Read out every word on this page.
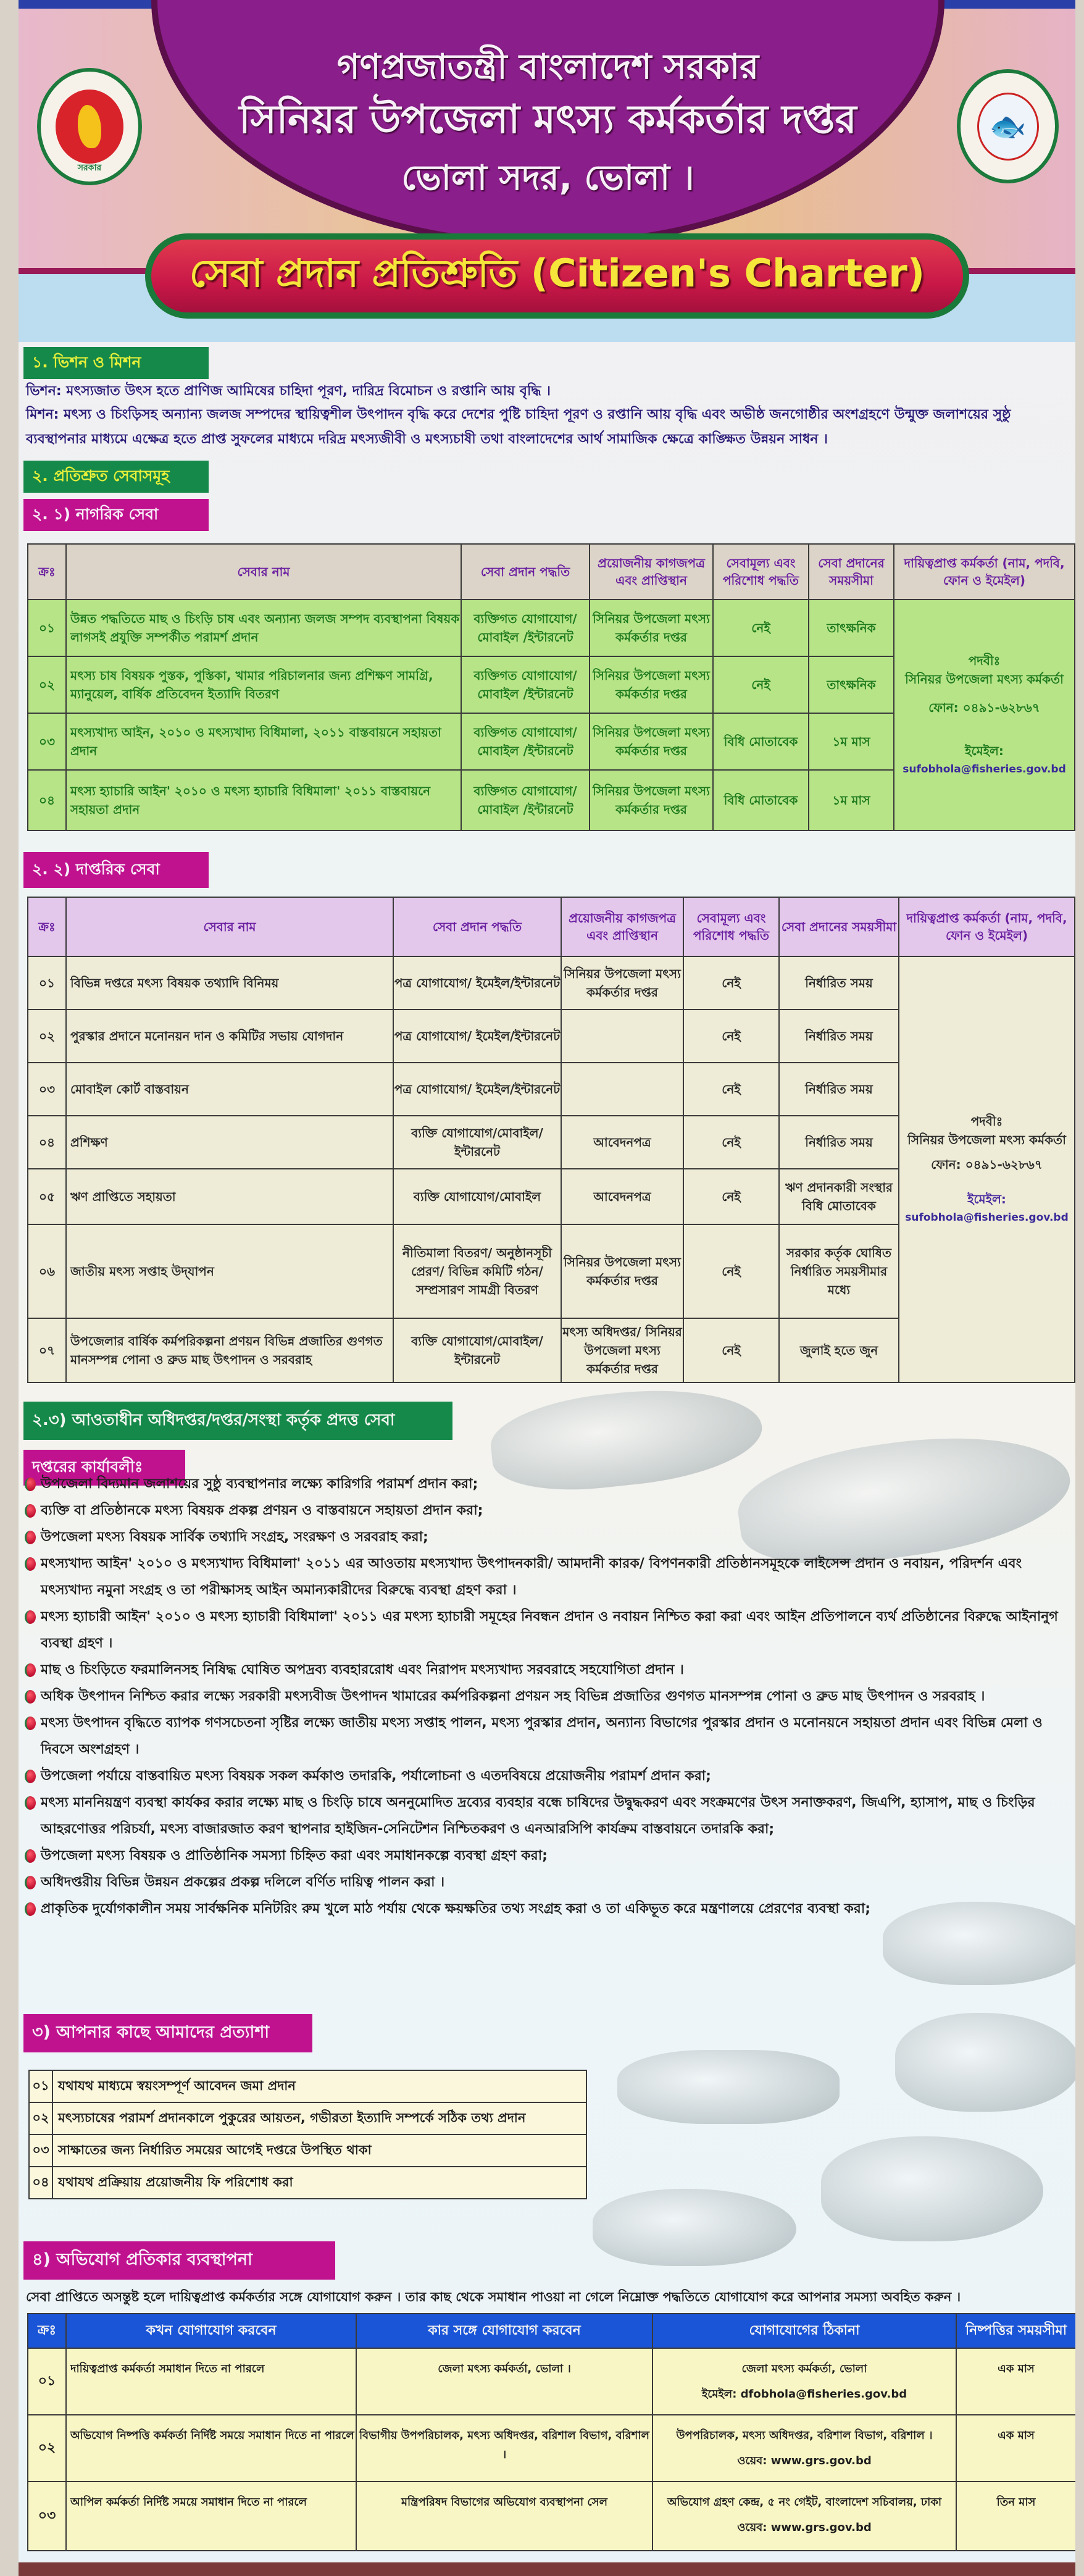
গণপ্রজাতন্ত্রী বাংলাদেশ সরকার
সিনিয়র উপজেলা মৎস্য কর্মকর্তার দপ্তর
ভোলা সদর, ভোলা ।
সরকার
🐟
সেবা প্রদান প্রতিশ্রুতি (Citizen's Charter)
১. ভিশন ও মিশন
ভিশন: মৎস্যজাত উৎস হতে প্রাণিজ আমিষের চাহিদা পূরণ, দারিদ্র বিমোচন ও রপ্তানি আয় বৃদ্ধি ।
মিশন: মৎস্য ও চিংড়িসহ অন্যান্য জলজ সম্পদের স্থায়িত্বশীল উৎপাদন বৃদ্ধি করে দেশের পুষ্টি চাহিদা পূরণ ও রপ্তানি আয় বৃদ্ধি এবং অভীষ্ঠ জনগোষ্ঠীর অংশগ্রহণে উন্মুক্ত জলাশয়ের সুষ্ঠু ব্যবস্থাপনার মাধ্যমে এক্ষেত্র হতে প্রাপ্ত সুফলের মাধ্যমে দরিদ্র মৎস্যজীবী ও মৎস্যচাষী তথা বাংলাদেশের আর্থ সামাজিক ক্ষেত্রে কাঙ্ক্ষিত উন্নয়ন সাধন ।
২. প্রতিশ্রুত সেবাসমূহ
২. ১) নাগরিক সেবা
ক্রঃ	সেবার নাম	সেবা প্রদান পদ্ধতি	প্রয়োজনীয় কাগজপত্র এবং প্রাপ্তিস্থান	সেবামূল্য এবং পরিশোধ পদ্ধতি	সেবা প্রদানের সময়সীমা	দায়িত্বপ্রাপ্ত কর্মকর্তা (নাম, পদবি, ফোন ও ইমেইল)
০১	উন্নত পদ্ধতিতে মাছ ও চিংড়ি চাষ এবং অন্যান্য জলজ সম্পদ ব্যবস্থাপনা বিষয়ক লাগসই প্রযুক্তি সম্পর্কীত পরামর্শ প্রদান	ব্যক্তিগত যোগাযোগ/ মোবাইল /ইন্টারনেট	সিনিয়র উপজেলা মৎস্য কর্মকর্তার দপ্তর	নেই	তাৎক্ষনিক	পদবীঃ
সিনিয়র উপজেলা মৎস্য কর্মকর্তা
ফোন: ০৪৯১-৬২৮৬৭
ইমেইল:
sufobhola@fisheries.gov.bd

০২	মৎস্য চাষ বিষয়ক পুস্তক, পুস্তিকা, খামার পরিচালনার জন্য প্রশিক্ষণ সামগ্রি, ম্যানুয়েল, বার্ষিক প্রতিবেদন ইত্যাদি বিতরণ	ব্যক্তিগত যোগাযোগ/ মোবাইল /ইন্টারনেট	সিনিয়র উপজেলা মৎস্য কর্মকর্তার দপ্তর	নেই	তাৎক্ষনিক	
০৩	মৎস্যখাদ্য আইন, ২০১০ ও মৎস্যখাদ্য বিধিমালা, ২০১১ বাস্তবায়নে সহায়তা প্রদান	ব্যক্তিগত যোগাযোগ/ মোবাইল /ইন্টারনেট	সিনিয়র উপজেলা মৎস্য কর্মকর্তার দপ্তর	বিধি মোতাবেক	১ম মাস	
০৪	মৎস্য হ্যাচারি আইন' ২০১০ ও মৎস্য হ্যাচারি বিধিমালা' ২০১১ বাস্তবায়নে সহায়তা প্রদান	ব্যক্তিগত যোগাযোগ/ মোবাইল /ইন্টারনেট	সিনিয়র উপজেলা মৎস্য কর্মকর্তার দপ্তর	বিধি মোতাবেক	১ম মাস	
২. ২) দাপ্তরিক সেবা
ক্রঃ	সেবার নাম	সেবা প্রদান পদ্ধতি	প্রয়োজনীয় কাগজপত্র এবং প্রাপ্তিস্থান	সেবামূল্য এবং পরিশোধ পদ্ধতি	সেবা প্রদানের সময়সীমা	দায়িত্বপ্রাপ্ত কর্মকর্তা (নাম, পদবি, ফোন ও ইমেইল)
০১	বিভিন্ন দপ্তরে মৎস্য বিষয়ক তথ্যাদি বিনিময়	পত্র যোগাযোগ/ ইমেইল/ইন্টারনেট	সিনিয়র উপজেলা মৎস্য কর্মকর্তার দপ্তর	নেই	নির্ধারিত সময়	পদবীঃ
সিনিয়র উপজেলা মৎস্য কর্মকর্তা
ফোন: ০৪৯১-৬২৮৬৭
ইমেইল:
sufobhola@fisheries.gov.bd

০২	পুরস্কার প্রদানে মনোনয়ন দান ও কমিটির সভায় যোগদান	পত্র যোগাযোগ/ ইমেইল/ইন্টারনেট		নেই	নির্ধারিত সময়	
০৩	মোবাইল কোর্ট বাস্তবায়ন	পত্র যোগাযোগ/ ইমেইল/ইন্টারনেট		নেই	নির্ধারিত সময়	
০৪	প্রশিক্ষণ	ব্যক্তি যোগাযোগ/মোবাইল/ইন্টারনেট	আবেদনপত্র	নেই	নির্ধারিত সময়	
০৫	ঋণ প্রাপ্তিতে সহায়তা	ব্যক্তি যোগাযোগ/মোবাইল	আবেদনপত্র	নেই	ঋণ প্রদানকারী সংস্থার বিধি মোতাবেক	
০৬	জাতীয় মৎস্য সপ্তাহ উদ্‌যাপন	নীতিমালা বিতরণ/ অনুষ্ঠানসূচী প্রেরণ/ বিভিন্ন কমিটি গঠন/ সম্প্রসারণ সামগ্রী বিতরণ	সিনিয়র উপজেলা মৎস্য কর্মকর্তার দপ্তর	নেই	সরকার কর্তৃক ঘোষিত নির্ধারিত সময়সীমার মধ্যে	
০৭	উপজেলার বার্ষিক কর্মপরিকল্পনা প্রণয়ন বিভিন্ন প্রজাতির গুণগত মানসম্পন্ন পোনা ও ব্রুড মাছ উৎপাদন ও সরবরাহ	ব্যক্তি যোগাযোগ/মোবাইল/ ইন্টারনেট	মৎস্য অধিদপ্তর/ সিনিয়র উপজেলা মৎস্য কর্মকর্তার দপ্তর	নেই	জুলাই হতে জুন	
২.৩) আওতাধীন অধিদপ্তর/দপ্তর/সংস্থা কর্তৃক প্রদত্ত সেবা
দপ্তরের কার্যাবলীঃ
উপজেলা বিদ্যমান জলাশয়ের সুষ্ঠু ব্যবস্থাপনার লক্ষ্যে কারিগরি পরামর্শ প্রদান করা;
ব্যক্তি বা প্রতিষ্ঠানকে মৎস্য বিষয়ক প্রকল্প প্রণয়ন ও বাস্তবায়নে সহায়তা প্রদান করা;
উপজেলা মৎস্য বিষয়ক সার্বিক তথ্যাদি সংগ্রহ, সংরক্ষণ ও সরবরাহ করা;
মৎস্যখাদ্য আইন' ২০১০ ও মৎস্যখাদ্য বিধিমালা' ২০১১ এর আওতায় মৎস্যখাদ্য উৎপাদনকারী/ আমদানী কারক/ বিপণনকারী প্রতিষ্ঠানসমূহকে লাইসেন্স প্রদান ও নবায়ন, পরিদর্শন এবং মৎস্যখাদ্য নমুনা সংগ্রহ ও তা পরীক্ষাসহ আইন অমান্যকারীদের বিরুদ্ধে ব্যবস্থা গ্রহণ করা ।
মৎস্য হ্যাচারী আইন' ২০১০ ও মৎস্য হ্যাচারী বিধিমালা' ২০১১ এর মৎস্য হ্যাচারী সমূহের নিবন্ধন প্রদান ও নবায়ন নিশ্চিত করা করা এবং আইন প্রতিপালনে ব্যর্থ প্রতিষ্ঠানের বিরুদ্ধে আইনানুগ ব্যবস্থা গ্রহণ ।
মাছ ও চিংড়িতে ফরমালিনসহ নিষিদ্ধ ঘোষিত অপদ্রব্য ব্যবহাররোধ এবং নিরাপদ মৎস্যখাদ্য সরবরাহে সহযোগিতা প্রদান ।
অধিক উৎপাদন নিশ্চিত করার লক্ষ্যে সরকারী মৎস্যবীজ উৎপাদন খামারের কর্মপরিকল্পনা প্রণয়ন সহ বিভিন্ন প্রজাতির গুণগত মানসম্পন্ন পোনা ও ব্রুড মাছ উৎপাদন ও সরবরাহ ।
মৎস্য উৎপাদন বৃদ্ধিতে ব্যাপক গণসচেতনা সৃষ্টির লক্ষ্যে জাতীয় মৎস্য সপ্তাহ পালন, মৎস্য পুরস্কার প্রদান, অন্যান্য বিভাগের পুরস্কার প্রদান ও মনোনয়নে সহায়তা প্রদান এবং বিভিন্ন মেলা ও দিবসে অংশগ্রহণ ।
উপজেলা পর্যায়ে বাস্তবায়িত মৎস্য বিষয়ক সকল কর্মকাণ্ড তদারকি, পর্যালোচনা ও এতদবিষয়ে প্রয়োজনীয় পরামর্শ প্রদান করা;
মৎস্য মাননিয়ন্ত্রণ ব্যবস্থা কার্যকর করার লক্ষ্যে মাছ ও চিংড়ি চাষে অননুমোদিত দ্রব্যের ব্যবহার বন্ধে চাষিদের উদ্বুদ্ধকরণ এবং সংক্রমণের উৎস সনাক্তকরণ, জিএপি, হ্যাসাপ, মাছ ও চিংড়ির আহরণোত্তর পরিচর্যা, মৎস্য বাজারজাত করণ স্থাপনার হাইজিন-সেনিটেশন নিশ্চিতকরণ ও এনআরসিপি কার্যক্রম বাস্তবায়নে তদারকি করা;
উপজেলা মৎস্য বিষয়ক ও প্রাতিষ্ঠানিক সমস্যা চিহ্নিত করা এবং সমাধানকল্পে ব্যবস্থা গ্রহণ করা;
অধিদপ্তরীয় বিভিন্ন উন্নয়ন প্রকল্পের প্রকল্প দলিলে বর্ণিত দায়িত্ব পালন করা ।
প্রাকৃতিক দুর্যোগকালীন সময় সার্বক্ষনিক মনিটরিং রুম খুলে মাঠ পর্যায় থেকে ক্ষয়ক্ষতির তথ্য সংগ্রহ করা ও তা একিভূত করে মন্ত্রণালয়ে প্রেরণের ব্যবস্থা করা;
৩) আপনার কাছে আমাদের প্রত্যাশা
০১	যথাযথ মাধ্যমে স্বয়ংসম্পূর্ণ আবেদন জমা প্রদান
০২	মৎস্যচাষের পরামর্শ প্রদানকালে পুকুরের আয়তন, গভীরতা ইত্যাদি সম্পর্কে সঠিক তথ্য প্রদান
০৩	সাক্ষাতের জন্য নির্ধারিত সময়ের আগেই দপ্তরে উপস্থিত থাকা
০৪	যথাযথ প্রক্রিয়ায় প্রয়োজনীয় ফি পরিশোধ করা
৪) অভিযোগ প্রতিকার ব্যবস্থাপনা
সেবা প্রাপ্তিতে অসন্তুষ্ট হলে দায়িত্বপ্রাপ্ত কর্মকর্তার সঙ্গে যোগাযোগ করুন । তার কাছ থেকে সমাধান পাওয়া না গেলে নিম্নোক্ত পদ্ধতিতে যোগাযোগ করে আপনার সমস্যা অবহিত করুন ।
ক্রঃ	কখন যোগাযোগ করবেন	কার সঙ্গে যোগাযোগ করবেন	যোগাযোগের ঠিকানা	নিষ্পত্তির সময়সীমা
০১	দায়িত্বপ্রাপ্ত কর্মকর্তা সমাধান দিতে না পারলে	জেলা মৎস্য কর্মকর্তা, ভোলা ।	জেলা মৎস্য কর্মকর্তা, ভোলা
ইমেইল: dfobhola@fisheries.gov.bd	এক মাস
০২	অভিযোগ নিষ্পত্তি কর্মকর্তা নির্দিষ্ট সময়ে সমাধান দিতে না পারলে	বিভাগীয় উপপরিচালক, মৎস্য অধিদপ্তর, বরিশাল বিভাগ, বরিশাল ।	উপপরিচালক, মৎস্য অধিদপ্তর, বরিশাল বিভাগ, বরিশাল ।
ওয়েব: www.grs.gov.bd	এক মাস
০৩	আপিল কর্মকর্তা নির্দিষ্ট সময়ে সমাধান দিতে না পারলে	মন্ত্রিপরিষদ বিভাগের অভিযোগ ব্যবস্থাপনা সেল	অভিযোগ গ্রহণ কেন্দ্র, ৫ নং গেইট, বাংলাদেশ সচিবালয়, ঢাকা
ওয়েব: www.grs.gov.bd	তিন মাস
